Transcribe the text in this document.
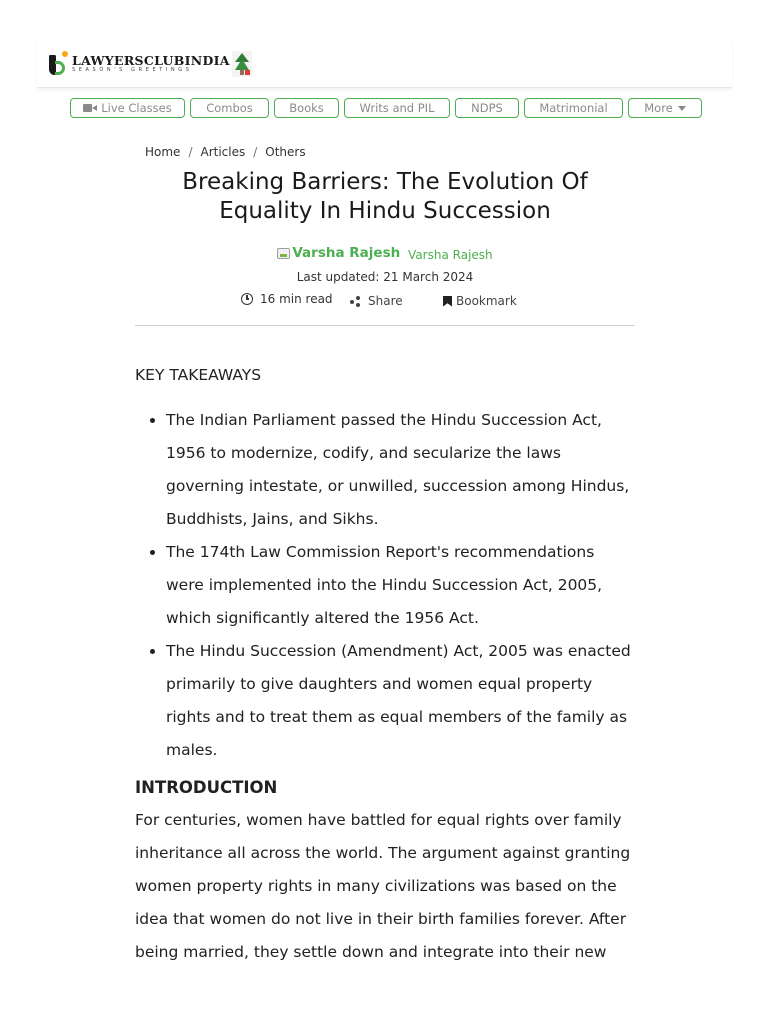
LAWYERSCLUBINDIA
SEASON'S GREETINGS
Live Classes	Combos	Books	Writs and PIL	NDPS	Matrimonial	More
Home / Articles / Others
Breaking Barriers: The Evolution Of Equality In Hindu Succession
Varsha Rajesh Varsha Rajesh
Last updated: 21 March 2024
16 min read	Share	Bookmark
KEY TAKEAWAYS
• The Indian Parliament passed the Hindu Succession Act, 1956 to modernize, codify, and secularize the laws governing intestate, or unwilled, succession among Hindus, Buddhists, Jains, and Sikhs.
• The 174th Law Commission Report's recommendations were implemented into the Hindu Succession Act, 2005, which significantly altered the 1956 Act.
• The Hindu Succession (Amendment) Act, 2005 was enacted primarily to give daughters and women equal property rights and to treat them as equal members of the family as males.
INTRODUCTION

For centuries, women have battled for equal rights over family inheritance all across the world. The argument against granting women property rights in many civilizations was based on the idea that women do not live in their birth families forever. After being married, they settle down and integrate into their new
